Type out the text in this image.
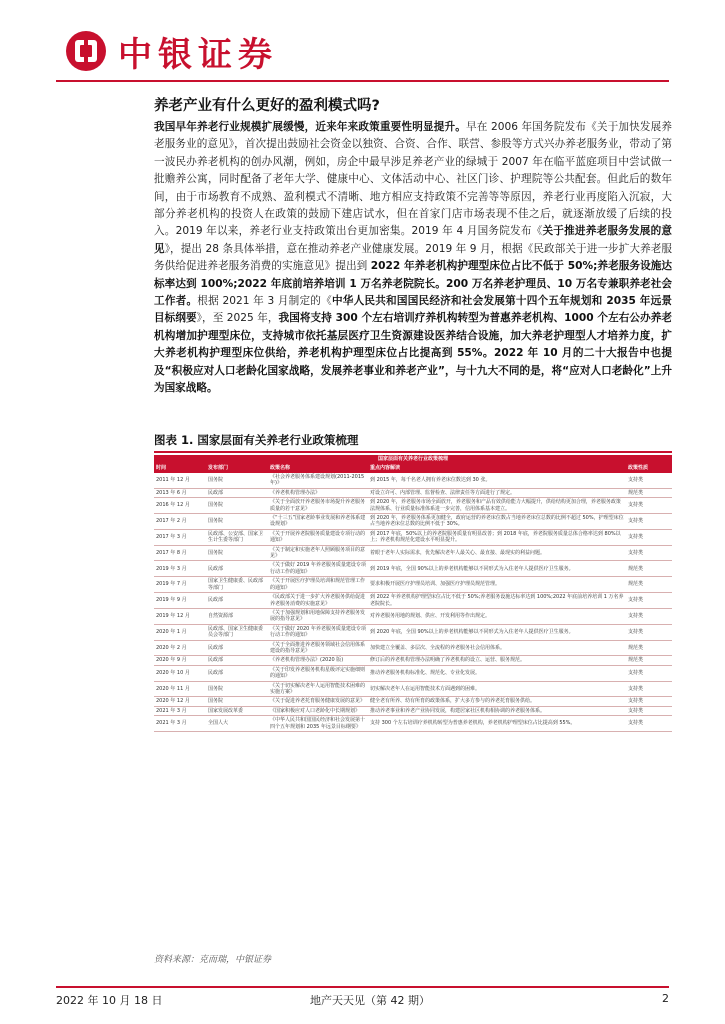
中银证券
养老产业有什么更好的盈利模式吗?
我国早年养老行业规模扩展缓慢，近来年来政策重要性明显提升。早在 2006 年国务院发布《关于加快发展养老服务业的意见》，首次提出鼓励社会资金以独资、合资、合作、联营、参股等方式兴办养老服务业，带动了第一波民办养老机构的创办风潮，例如，房企中最早涉足养老产业的绿城于 2007 年在临平蓝庭项目中尝试做一批赡养公寓，同时配备了老年大学、健康中心、文体活动中心、社区门诊、护理院等公共配套。但此后的数年间，由于市场教育不成熟、盈利模式不清晰、地方相应支持政策不完善等等原因，养老行业再度陷入沉寂，大部分养老机构的投资人在政策的鼓励下建店试水，但在首家门店市场表现不佳之后，就逐渐放缓了后续的投入。2019 年以来，养老行业支持政策出台更加密集。2019 年 4 月国务院发布《关于推进养老服务发展的意见》，提出 28 条具体举措，意在推动养老产业健康发展。2019 年 9 月，根据《民政部关于进一步扩大养老服务供给促进养老服务消费的实施意见》提出到 2022 年养老机构护理型床位占比不低于 50%;养老服务设施达标率达到 100%;2022 年底前培养培训 1 万名养老院院长。200 万名养老护理员、10 万名专兼职养老社会工作者。根据 2021 年 3 月制定的《中华人民共和国国民经济和社会发展第十四个五年规划和 2035 年远景目标纲要》，至 2025 年，我国将支持 300 个左右培训疗养机构转型为普惠养老机构、1000 个左右公办养老机构增加护理型床位，支持城市依托基层医疗卫生资源建设医养结合设施，加大养老护理型人才培养力度，扩大养老机构护理型床位供给，养老机构护理型床位占比提高到 55%。2022 年 10 月的二十大报告中也提及“积极应对人口老龄化国家战略，发展养老事业和养老产业”，与十九大不同的是，将“应对人口老龄化”上升为国家战略。
图表 1. 国家层面有关养老行业政策梳理
国家层面有关养老行业政策梳理				
时间	发布部门	政策名称	重点内容解读	政策性质
2011 年 12 月	国务院	《社会养老服务体系建设规划(2011-2015 年)》	到 2015 年，每千名老人拥有养老床位数达到 30 张。	支持类
2013 年 6 月	民政部	《养老机构管理办法》	对设立许可、内部管理、监督检查、法律责任等方面进行了规定。	规范类
2016 年 12 月	国务院	《关于全面放开养老服务市场提升养老服务质量的若干意见》	到 2020 年，养老服务市场全面放开，养老服务和产品有效供给能力大幅提升，供给结构更加合理，养老服务政策法规体系、行业质量标准体系进一步完善，信用体系基本建立。	支持类
2017 年 2 月	国务院	《“十三五”国家老龄事业发展和养老体系建设规划》	到 2020 年，养老服务体系更加健全，政府运营的养老床位数占当地养老床位总数的比例不超过 50%，护理型床位占当地养老床位总数的比例不低于 30%。	支持类
2017 年 3 月	民政部、公安部、国家卫生计生委等部门	《关于开展养老院服务质量建设专项行动的通知》	到 2017 年底，50%以上的养老院服务质量有明显改善；到 2018 年底，养老院服务质量总体合格率达到 80%以上；养老机构规范化建设水平明显提升。	支持类
2017 年 8 月	国务院	《关于制定和实施老年人照顾服务项目的意见》	着眼于老年人实际需求，优先解决老年人最关心、最直接、最现实的利益问题。	支持类
2019 年 3 月	民政部	《关于做好 2019 年养老服务质量建设专项行动工作的通知》	到 2019 年底，全国 90%以上的养老机构能够以不同形式为入住老年人提供医疗卫生服务。	规范类
2019 年 7 月	国家卫生健康委、民政部等部门	《关于开展医疗护理员培训和规范管理工作的通知》	要求积极开展医疗护理员培训、加强医疗护理员规范管理。	规范类
2019 年 9 月	民政部	《民政部关于进一步扩大养老服务供给促进养老服务消费的实施意见》	到 2022 年养老机构护理型床位占比不低于 50%;养老服务设施达标率达到 100%;2022 年底前培养培训 1 万名养老院院长。	支持类
2019 年 12 月	自然资源部	《关于加强规划和用地保障支持养老服务发展的指导意见》	对养老服务用地的规划、供应、开发利用等作出规定。	支持类
2020 年 1 月	民政部、国家卫生健康委员会等部门	《关于做好 2020 年养老服务质量建设专项行动工作的通知》	到 2020 年底，全国 90%以上的养老机构能够以不同形式为入住老年人提供医疗卫生服务。	支持类
2020 年 2 月	民政部	《关于全面推进养老服务领域社会信用体系建设的指导意见》	加快建立全覆盖、多层次、全流程的养老服务社会信用体系。	规范类
2020 年 9 月	民政部	《养老机构管理办法》(2020 版)	修订后的养老机构管理办法明确了养老机构的设立、运营、服务规范。	规范类
2020 年 10 月	民政部	《关于印发养老服务机构星级评定实施细则的通知》	推动养老服务机构标准化、规范化、专业化发展。	支持类
2020 年 11 月	国务院	《关于切实解决老年人运用智能技术困难的实施方案》	切实解决老年人在运用智能技术方面遇到的困难。	支持类
2020 年 12 月	国务院	《关于促进养老托育服务健康发展的意见》	健全老有所养、幼有所育的政策体系，扩大多方参与的养老托育服务供给。	支持类
2021 年 3 月	国家发展改革委	《国家积极应对人口老龄化中长期规划》	推动养老事业和养老产业协同发展，构建居家社区机构相协调的养老服务体系。	支持类
2021 年 3 月	全国人大	《中华人民共和国国民经济和社会发展第十四个五年规划和 2035 年远景目标纲要》	支持 300 个左右培训疗养机构转型为普惠养老机构，养老机构护理型床位占比提高到 55%。	支持类
资料来源：克而瑞，中银证券
2022 年 10 月 18 日	地产天天见（第 42 期）	2
